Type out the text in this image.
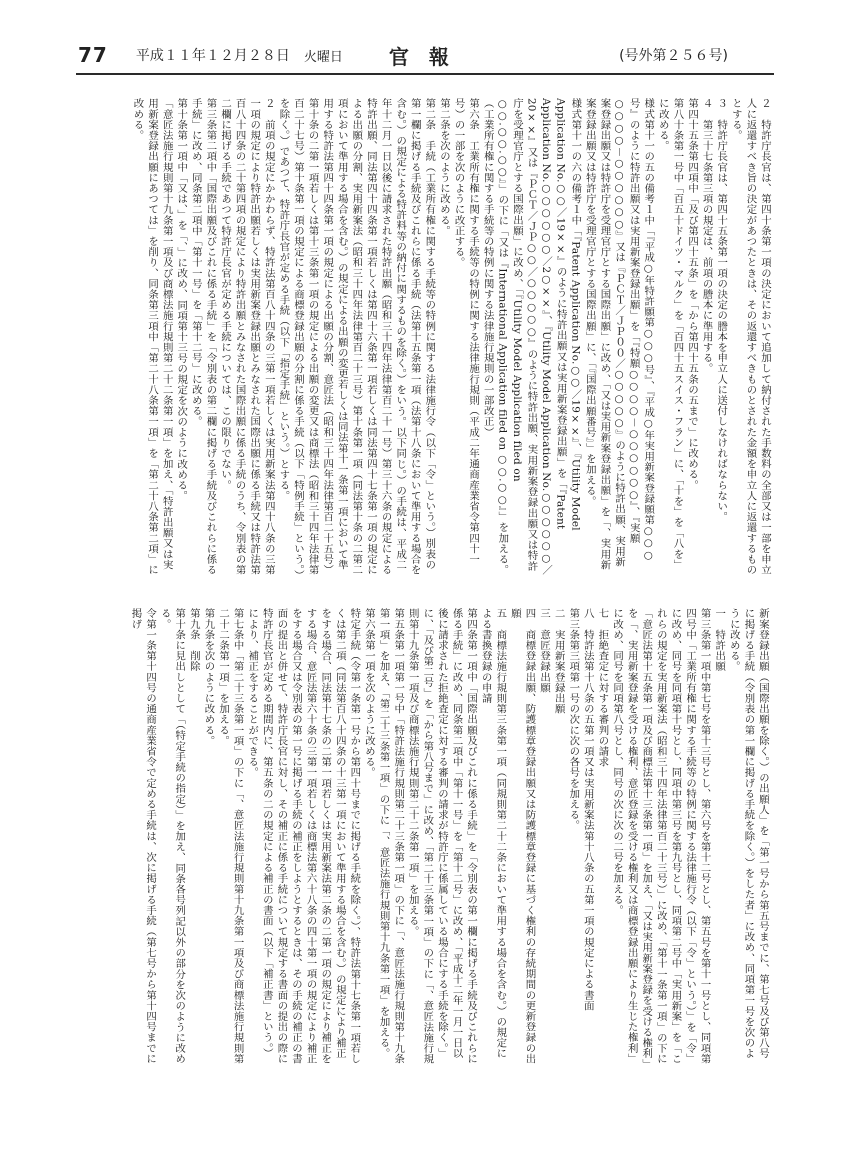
77 平成１１年１２月２８日 火曜日 官報	(号外第２５６号)
２　特許庁長官は、第四十条第一項の決定において追加して納付された手数料の全部又は一部を申立人に返還すべき旨の決定があつたときは、その返還すべきものとされた金額を申立人に返還するものとする。
３　特許庁長官は、第四十五条第一項の決定の謄本を申立人に送付しなければならない。
４　第三十七条第三項の規定は、前項の謄本に準用する。
第四十五条第四項中「及び第四十五条」を「から第四十五条の五まで」に改める。
第八十条第一号中「百五十ドイツ・マルク」を「百四十五スイス・フラン」に、「十を」を「八を」に改める。
様式第十一の五の備考１中「『平成○年特許願第○○○号』、『平成○年実用新案登録願第○○○号』のように特許出願又は実用新案登録出願」を「『特願○○○○－○○○○○○』、『実願○○○○－○○○○○○』又は『ＰＣＴ／ＪＰ００／○○○○○』のように特許出願、実用新案登録出願又は特許庁を受理官庁とする国際出願」に改め、「又は実用新案登録出願」を「、実用新案登録出願又は特許庁を受理官庁とする国際出願」に、「『国際出願番号』」を加える。
様式第十一の六の備考１中「『Patent Application No.○○／19××』、『Utility Model Application No.○○／19××』のように特許出願又は実用新案登録出願」を「『Patent Application No.○○○○○○／2○××』、『Utility Model Application No.○○○○○○／20××』又は『ＰＣＴ／ＪＰ○○／○○○○○』のように特許出願、実用新案登録出願又は特許庁を受理官庁とする国際出願」に改め、「『Utility Model Application filed on ○○.○○.○○』」の下に「又は『International Application filed on ○○.○○』」を加える。
（工業所有権に関する手続等の特例に関する法律施行規則の一部改正）
第六条　工業所有権に関する手続等の特例に関する法律施行規則（平成二年通商産業省令第四十一号）の一部を次のように改正する。
第二条を次のように改める。
第二条　手続（工業所有権に関する手続等の特例に関する法律施行令（以下「令」という。）別表の第一欄に掲げる手続及びこれらに係る手続（法第十五条第一項（法第十八条において準用する場合を含む。）の規定による特許料等の納付に関するものを除く。）をいう。以下同じ。）の手続は、平成二年十二月一日以後に請求された特許出願（昭和三十四年法律第百二十一号）第三十六条の規定による特許出願、同法第四十四条第一項若しくは第四十六条第一項若しくは同法第四十七条第一項の規定による出願の分割、実用新案法（昭和三十四年法律第百二十三号）第十条第一項（同法第十条の二第二項において準用する場合を含む。）の規定による出願の変更若しくは同法第十一条第一項において準用する特許法第四十四条第一項の規定による出願の分割、意匠法（昭和三十四年法律第百二十五号）第十条の二第一項若しくは第十三条第一項の規定による出願の変更又は商標法（昭和三十四年法律第百二十七号）第十条第一項の規定による商標登録出願の分割に係る手続（以下「特例手続」という。）を除く。）であつて、特許庁長官が定める手続（以下「指定手続」という。）とする。
２　前項の規定にかかわらず、特許法第百八十四条の三第一項若しくは実用新案法第四十八条の三第一項の規定により特許出願若しくは実用新案登録出願とみなされた国際出願に係る手続又は特許法第百八十四条の二十第四項の規定により特許出願とみなされた国際出願に係る手続のうち、令別表の第二欄に掲げる手続であつて特許庁長官が定める手続については、この限りでない。
第三条第二項中「国際出願及びこれに係る手続」を「令別表の第二欄に掲げる手続及びこれらに係る手続」に改め、同条第二項中「第十一号」を「第十二号」に改める。
第十条第一項中「又は、」を「、」に改め、同項第十三号の規定を次のように改める。
「意匠法施行規則第十九条第一項及び商標法施行規則第二十二条第一項」を加え、「特許出願又は実用新案登録出願にあつては」を削り、同条第三項中「第二十八条第一項」を「第二十八条第二項」に改める。
新案登録出願（国際出願を除く。）の出願人」を「第一号から第五号までに、第七号及び第八号に掲げる手続（令別表の第一欄に掲げる手続を除く。）をした者」に改め、同項第一号を次のように改める。
一　特許出願
第三条第一項中第七号を第十三号とし、第六号を第十二号とし、第五号を第十一号とし、同項第四号中「工業所有権に関する手続等の特例に関する法律施行令（以下「令」という。）」を「令」に改め、同号を同項第十号とし、同項中第三号を第九号とし、同項第二号中「実用新案」を「これらの規定を実用新案法（昭和三十四年法律第百二十三号）」に改め、「第十一条第一項」の下に「意匠法第十五条第一項及び商標法第十三条第一項」を加え、「又は実用新案登録を受ける権利」を「、実用新案登録を受ける権利、意匠登録を受ける権利又は商標登録出願により生じた権利」に改め、同号を同項第八号とし、同号の次に次の二号を加える。
七　拒絶査定に対する審判の請求
八　特許法第十八条の五第一項又は実用新案法第十八条の五第一項の規定による書面
第三条第三項第一号の次に次の各号を加える。
二　実用新案登録出願
三　意匠登録出願
四　商標登録出願、防護標章登録出願又は防護標章登録に基づく権利の存続期間の更新登録の出願
五　商標法施行規則第三条第一項（同規則第二十二条において準用する場合を含む。）の規定による書換登録の申請
第四条第一項中「国際出願及びこれに係る手続」を「令別表の第一欄に掲げる手続及びこれらに係る手続」に改め、同条第二項中「第十一号」を「第十二号」に改め、「平成十二年一月一日以後に請求された拒絶査定に対する審判の請求が特許庁に係属している場合にする手続を除く。」に、「及び第二号」を「から第八号まで」に改め、「第二十三条第一項」の下に「、意匠法施行規則第十九条第一項及び商標法施行規則第二十二条第一項」を加える。
第五条第一項第一号中「特許法施行規則第二十三条第一項」の下に「、意匠法施行規則第十九条第一項」を加え、「第二十三条第一項」の下に「、意匠法施行規則第十九条第一項」を加える。
第六条第一項を次のように改める。
特定手続（令第一条第一号から第四十号までに掲げる手続を除く。）、特許法第十七条第一項若しくは第二項（同法第百八十四条の十三第一項において準用する場合を含む。）の規定により補正をする場合、同法第十七条の二第一項若しくは実用新案法第二条の二第一項の規定により補正をする場合、意匠法第六十条の三第一項若しくは商標法第六十八条の四十第一項の規定により補正をする場合又は令別表の第一号に掲げる手続の補正をしようとするときは、その手続の補正の書面の提出と併せて、特許庁長官に対し、その補正に係る手続について規定する書面の提出の際に特許庁長官が定める期間内に、第五条の二の規定による補正の書面（以下「補正書」という。）により、補正をすることができる。
第七条中「第二十三条第一項」の下に「、意匠法施行規則第十九条第一項及び商標法施行規則第二十二条第一項」を加える。
第九条を次のように改める。
第九条　削除
第十条に見出しとして「（特定手続の指定）」を加え、同条各号列記以外の部分を次のように改める。
令第一条第十四号の通商産業省令で定める手続は、次に掲げる手続（第七号から第十四号までに掲げ
